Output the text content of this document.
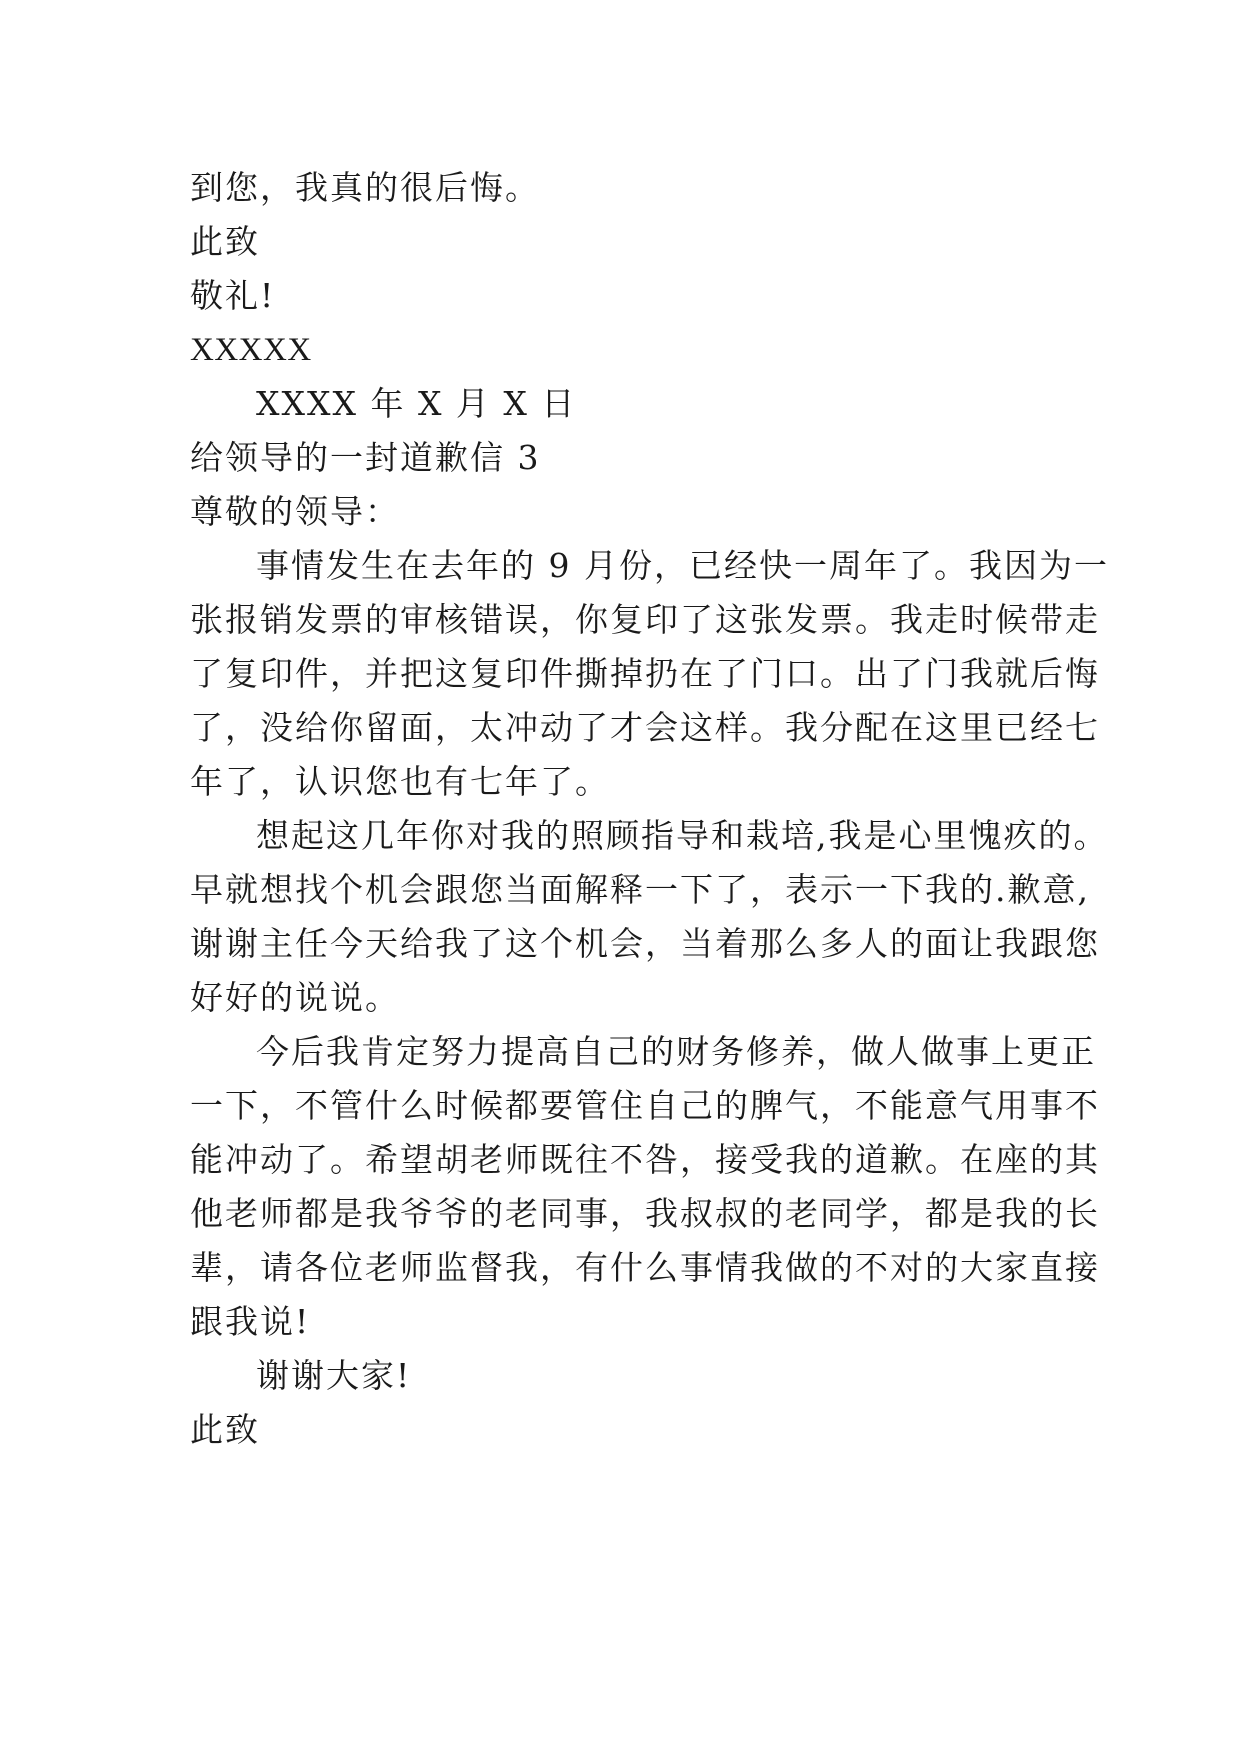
到您，我真的很后悔。

此致

敬礼!

XXXXX

XXXX 年 X 月 X 日

给领导的一封道歉信 3

尊敬的领导：

事情发生在去年的 9 月份，已经快一周年了。我因为一

张报销发票的审核错误，你复印了这张发票。我走时候带走

了复印件，并把这复印件撕掉扔在了门口。出了门我就后悔

了，没给你留面，太冲动了才会这样。我分配在这里已经七

年了，认识您也有七年了。

想起这几年你对我的照顾指导和栽培,我是心里愧疚的。

早就想找个机会跟您当面解释一下了，表示一下我的.歉意,

谢谢主任今天给我了这个机会，当着那么多人的面让我跟您

好好的说说。

今后我肯定努力提高自己的财务修养，做人做事上更正

一下，不管什么时候都要管住自己的脾气，不能意气用事不

能冲动了。希望胡老师既往不咎，接受我的道歉。在座的其

他老师都是我爷爷的老同事，我叔叔的老同学，都是我的长

辈，请各位老师监督我，有什么事情我做的不对的大家直接

跟我说!

谢谢大家!

此致
